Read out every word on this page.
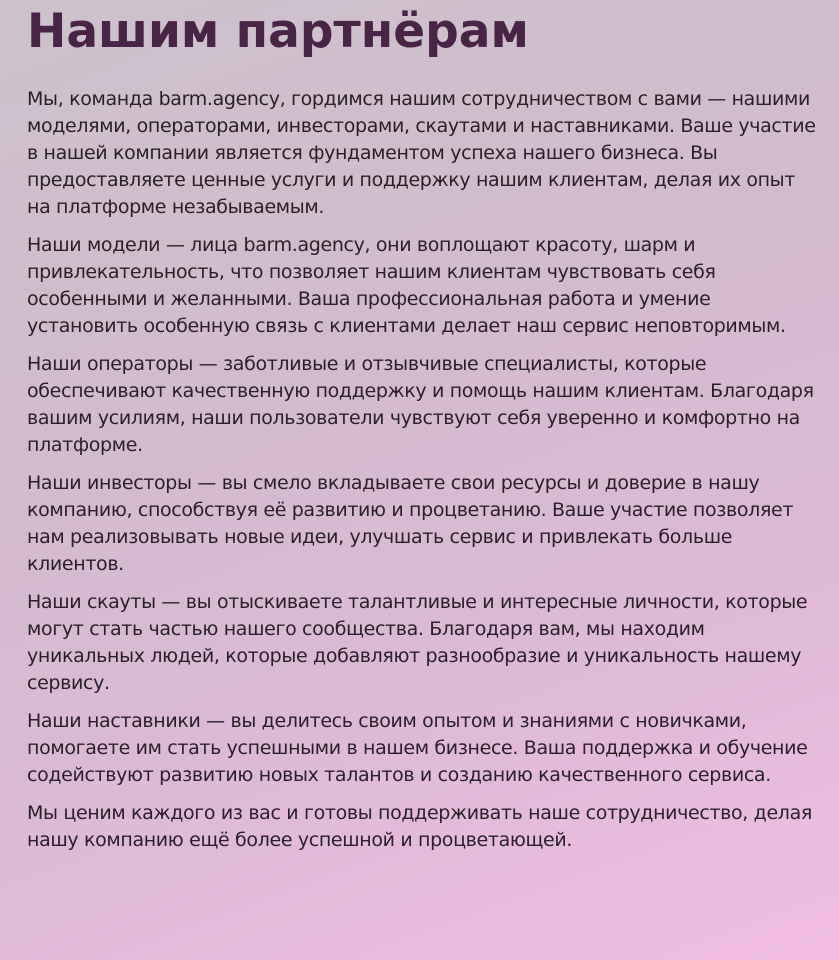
Нашим партнёрам

Мы, команда barm.agency, гордимся нашим сотрудничеством с вами — нашими моделями, операторами, инвесторами, скаутами и наставниками. Ваше участие в нашей компании является фундаментом успеха нашего бизнеса. Вы предоставляете ценные услуги и поддержку нашим клиентам, делая их опыт на платформе незабываемым.

Наши модели — лица barm.agency, они воплощают красоту, шарм и привлекательность, что позволяет нашим клиентам чувствовать себя особенными и желанными. Ваша профессиональная работа и умение установить особенную связь с клиентами делает наш сервис неповторимым.

Наши операторы — заботливые и отзывчивые специалисты, которые обеспечивают качественную поддержку и помощь нашим клиентам. Благодаря вашим усилиям, наши пользователи чувствуют себя уверенно и комфортно на платформе.

Наши инвесторы — вы смело вкладываете свои ресурсы и доверие в нашу компанию, способствуя её развитию и процветанию. Ваше участие позволяет нам реализовывать новые идеи, улучшать сервис и привлекать больше клиентов.

Наши скауты — вы отыскиваете талантливые и интересные личности, которые могут стать частью нашего сообщества. Благодаря вам, мы находим уникальных людей, которые добавляют разнообразие и уникальность нашему сервису.

Наши наставники — вы делитесь своим опытом и знаниями с новичками, помогаете им стать успешными в нашем бизнесе. Ваша поддержка и обучение содействуют развитию новых талантов и созданию качественного сервиса.

Мы ценим каждого из вас и готовы поддерживать наше сотрудничество, делая нашу компанию ещё более успешной и процветающей.
